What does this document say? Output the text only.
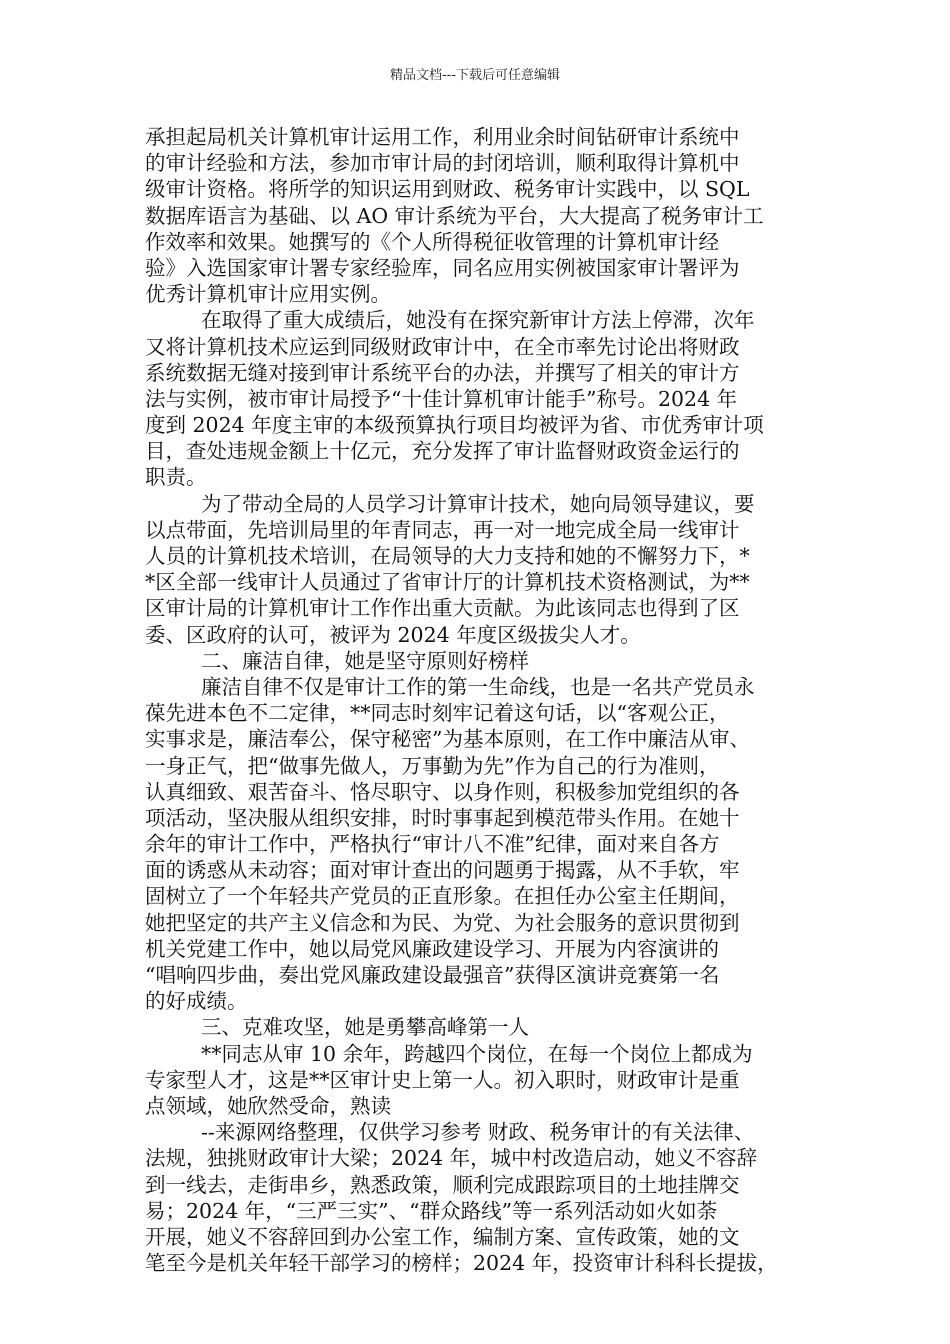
精品文档---下载后可任意编辑
承担起局机关计算机审计运用工作，利用业余时间钻研审计系统中
的审计经验和方法，参加市审计局的封闭培训，顺利取得计算机中
级审计资格。将所学的知识运用到财政、税务审计实践中，以 SQL
数据库语言为基础、以 AO 审计系统为平台，大大提高了税务审计工
作效率和效果。她撰写的《个人所得税征收管理的计算机审计经
验》入选国家审计署专家经验库，同名应用实例被国家审计署评为
优秀计算机审计应用实例。
在取得了重大成绩后，她没有在探究新审计方法上停滞，次年
又将计算机技术应运到同级财政审计中，在全市率先讨论出将财政
系统数据无缝对接到审计系统平台的办法，并撰写了相关的审计方
法与实例，被市审计局授予“十佳计算机审计能手”称号。2024 年
度到 2024 年度主审的本级预算执行项目均被评为省、市优秀审计项
目，查处违规金额上十亿元，充分发挥了审计监督财政资金运行的
职责。
为了带动全局的人员学习计算审计技术，她向局领导建议，要
以点带面，先培训局里的年青同志，再一对一地完成全局一线审计
人员的计算机技术培训，在局领导的大力支持和她的不懈努力下，*
*区全部一线审计人员通过了省审计厅的计算机技术资格测试，为**
区审计局的计算机审计工作作出重大贡献。为此该同志也得到了区
委、区政府的认可，被评为 2024 年度区级拔尖人才。
二、廉洁自律，她是坚守原则好榜样
廉洁自律不仅是审计工作的第一生命线，也是一名共产党员永
葆先进本色不二定律，**同志时刻牢记着这句话，以“客观公正，
实事求是，廉洁奉公，保守秘密”为基本原则，在工作中廉洁从审、
一身正气，把“做事先做人，万事勤为先”作为自己的行为准则，
认真细致、艰苦奋斗、恪尽职守、以身作则，积极参加党组织的各
项活动，坚决服从组织安排，时时事事起到模范带头作用。在她十
余年的审计工作中，严格执行“审计八不准”纪律，面对来自各方
面的诱惑从未动容；面对审计查出的问题勇于揭露，从不手软，牢
固树立了一个年轻共产党员的正直形象。在担任办公室主任期间，
她把坚定的共产主义信念和为民、为党、为社会服务的意识贯彻到
机关党建工作中，她以局党风廉政建设学习、开展为内容演讲的
“唱响四步曲，奏出党风廉政建设最强音”获得区演讲竞赛第一名
的好成绩。
三、克难攻坚，她是勇攀高峰第一人
**同志从审 10 余年，跨越四个岗位，在每一个岗位上都成为
专家型人才，这是**区审计史上第一人。初入职时，财政审计是重
点领域，她欣然受命，熟读
--来源网络整理，仅供学习参考 财政、税务审计的有关法律、
法规，独挑财政审计大梁；2024 年，城中村改造启动，她义不容辞
到一线去，走街串乡，熟悉政策，顺利完成跟踪项目的土地挂牌交
易；2024 年，“三严三实”、“群众路线”等一系列活动如火如荼
开展，她义不容辞回到办公室工作，编制方案、宣传政策，她的文
笔至今是机关年轻干部学习的榜样；2024 年，投资审计科科长提拔，
